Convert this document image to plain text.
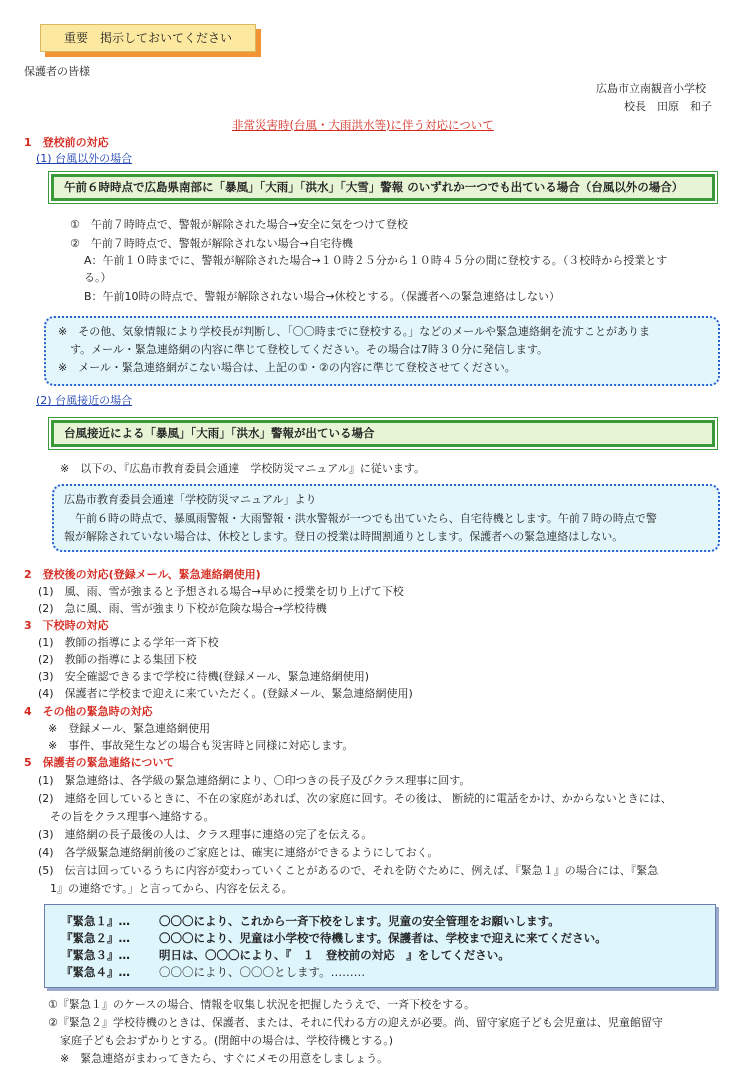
重要　掲示しておいてください
保護者の皆様
広島市立南観音小学校
校長　田原　和子
非常災害時(台風・大雨洪水等)に伴う対応について
1　登校前の対応
(1) 台風以外の場合
午前６時時点で広島県南部に「暴風」「大雨」「洪水」「大雪」警報 のいずれか一つでも出ている場合（台風以外の場合）
①　午前７時時点で、警報が解除された場合→安全に気をつけて登校
②　午前７時時点で、警報が解除されない場合→自宅待機
A：午前１０時までに、警報が解除された場合→１０時２５分から１０時４５分の間に登校する。（３校時から授業とす
る。）
B：午前10時の時点で、警報が解除されない場合→休校とする。（保護者への緊急連絡はしない）
※　その他、気象情報により学校長が判断し、「〇〇時までに登校する。」などのメールや緊急連絡網を流すことがありま
す。メール・緊急連絡網の内容に準じて登校してください。その場合は7時３０分に発信します。
※　メール・緊急連絡網がこない場合は、上記の①・②の内容に準じて登校させてください。
(2) 台風接近の場合
台風接近による「暴風」「大雨」「洪水」警報が出ている場合
※　以下の、『広島市教育委員会通達　学校防災マニュアル』に従います。
広島市教育委員会通達「学校防災マニュアル」より
　午前６時の時点で、暴風雨警報・大雨警報・洪水警報が一つでも出ていたら、自宅待機とします。午前７時の時点で警
報が解除されていない場合は、休校とします。登日の授業は時間割通りとします。保護者への緊急連絡はしない。
2　登校後の対応(登録メール、緊急連絡網使用)
(1)　風、雨、雪が強まると予想される場合→早めに授業を切り上げて下校
(2)　急に風、雨、雪が強まり下校が危険な場合→学校待機
3　下校時の対応
(1)　教師の指導による学年一斉下校
(2)　教師の指導による集団下校
(3)　安全確認できるまで学校に待機(登録メール、緊急連絡網使用)
(4)　保護者に学校まで迎えに来ていただく。(登録メール、緊急連絡網使用)
4　その他の緊急時の対応
※　登録メール、緊急連絡網使用
※　事件、事故発生などの場合も災害時と同様に対応します。
5　保護者の緊急連絡について
(1)　緊急連絡は、各学級の緊急連絡網により、〇印つきの長子及びクラス理事に回す。
(2)　連絡を回しているときに、不在の家庭があれば、次の家庭に回す。その後は、 断続的に電話をかけ、かからないときには、
その旨をクラス理事へ連絡する。
(3)　連絡網の長子最後の人は、クラス理事に連絡の完了を伝える。
(4)　各学級緊急連絡網前後のご家庭とは、確実に連絡ができるようにしておく。
(5)　伝言は回っているうちに内容が変わっていくことがあるので、それを防ぐために、例えば、『緊急１』の場合には、『緊急
1』の連絡です。」と言ってから、内容を伝える。
『緊急１』…	〇〇〇により、これから一斉下校をします。児童の安全管理をお願いします。
『緊急２』…	〇〇〇により、児童は小学校で待機します。保護者は、学校まで迎えに来てください。
『緊急３』…	明日は、〇〇〇により、『　１　登校前の対応　』をしてください。
『緊急４』…	〇〇〇により、〇〇〇とします。………
①『緊急１』のケースの場合、情報を収集し状況を把握したうえで、一斉下校をする。
②『緊急２』学校待機のときは、保護者、または、それに代わる方の迎えが必要。尚、留守家庭子ども会児童は、児童館留守
家庭子ども会おずかりとする。(閉館中の場合は、学校待機とする。)
※　緊急連絡がまわってきたら、すぐにメモの用意をしましょう。
